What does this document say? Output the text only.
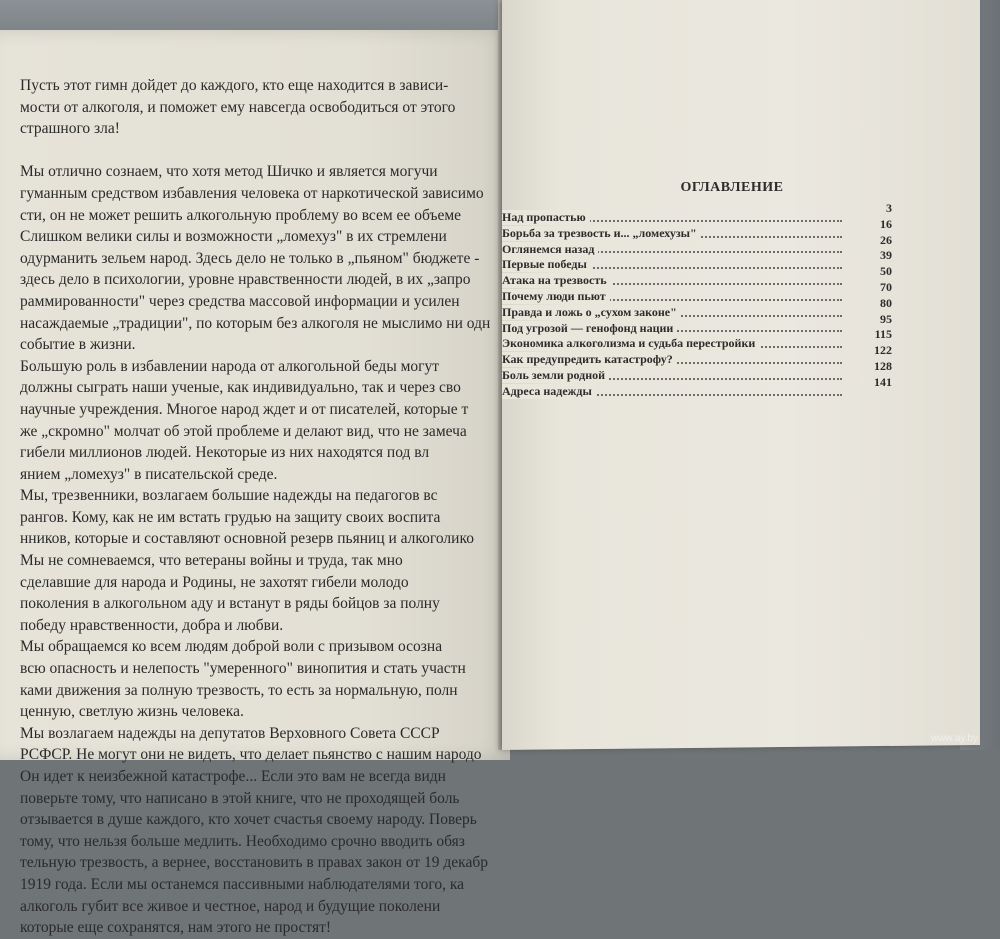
Пусть этот гимн дойдет до каждого, кто еще находится в зависи-
мости от алкоголя, и поможет ему навсегда освободиться от этого
страшного зла!
Мы отлично сознаем, что хотя метод Шичко и является могучи
гуманным средством избавления человека от наркотической зависимо
сти, он не может решить алкогольную проблему во всем ее объеме
Слишком велики силы и возможности „ломехуз" в их стремлени
одурманить зельем народ. Здесь дело не только в „пьяном" бюджете -
здесь дело в психологии, уровне нравственности людей, в их „запро
раммированности" через средства массовой информации и усилен
насаждаемые „традиции", по которым без алкоголя не мыслимо ни одн
событие в жизни.
Большую роль в избавлении народа от алкогольной беды могут
должны сыграть наши ученые, как индивидуально, так и через сво
научные учреждения. Многое народ ждет и от писателей, которые т
же „скромно" молчат об этой проблеме и делают вид, что не замеча
гибели миллионов людей. Некоторые из них находятся под вл
янием „ломехуз" в писательской среде.
Мы, трезвенники, возлагаем большие надежды на педагогов вс
рангов. Кому, как не им встать грудью на защиту своих воспита
нников, которые и составляют основной резерв пьяниц и алкоголико
Мы не сомневаемся, что ветераны войны и труда, так мно
сделавшие для народа и Родины, не захотят гибели молодо
поколения в алкогольном аду и встанут в ряды бойцов за полну
победу нравственности, добра и любви.
Мы обращаемся ко всем людям доброй воли с призывом осозна
всю опасность и нелепость "умеренного" винопития и стать участн
ками движения за полную трезвость, то есть за нормальную, полн
ценную, светлую жизнь человека.
Мы возлагаем надежды на депутатов Верховного Совета СССР
РСФСР. Не могут они не видеть, что делает пьянство с нашим народо
Он идет к неизбежной катастрофе... Если это вам не всегда видн
поверьте тому, что написано в этой книге, что не проходящей боль
отзывается в душе каждого, кто хочет счастья своему народу. Поверь
тому, что нельзя больше медлить. Необходимо срочно вводить обяз
тельную трезвость, а вернее, восстановить в правах закон от 19 декабр
1919 года. Если мы останемся пассивными наблюдателями того, ка
алкоголь губит все живое и честное, народ и будущие поколени
которые еще сохранятся, нам этого не простят!
ОГЛАВЛЕНИЕ
Над пропастью
3
Борьба за трезвость и... „ломехузы"
16
Оглянемся назад
26
Первые победы
39
Атака на трезвость
50
Почему люди пьют
70
Правда и ложь о „сухом законе"
80
Под угрозой — генофонд нации
95
Экономика алкоголизма и судьба перестройки
115
Как предупредить катастрофу?
122
Боль земли родной
128
Адреса надежды
141
www.ay.by
